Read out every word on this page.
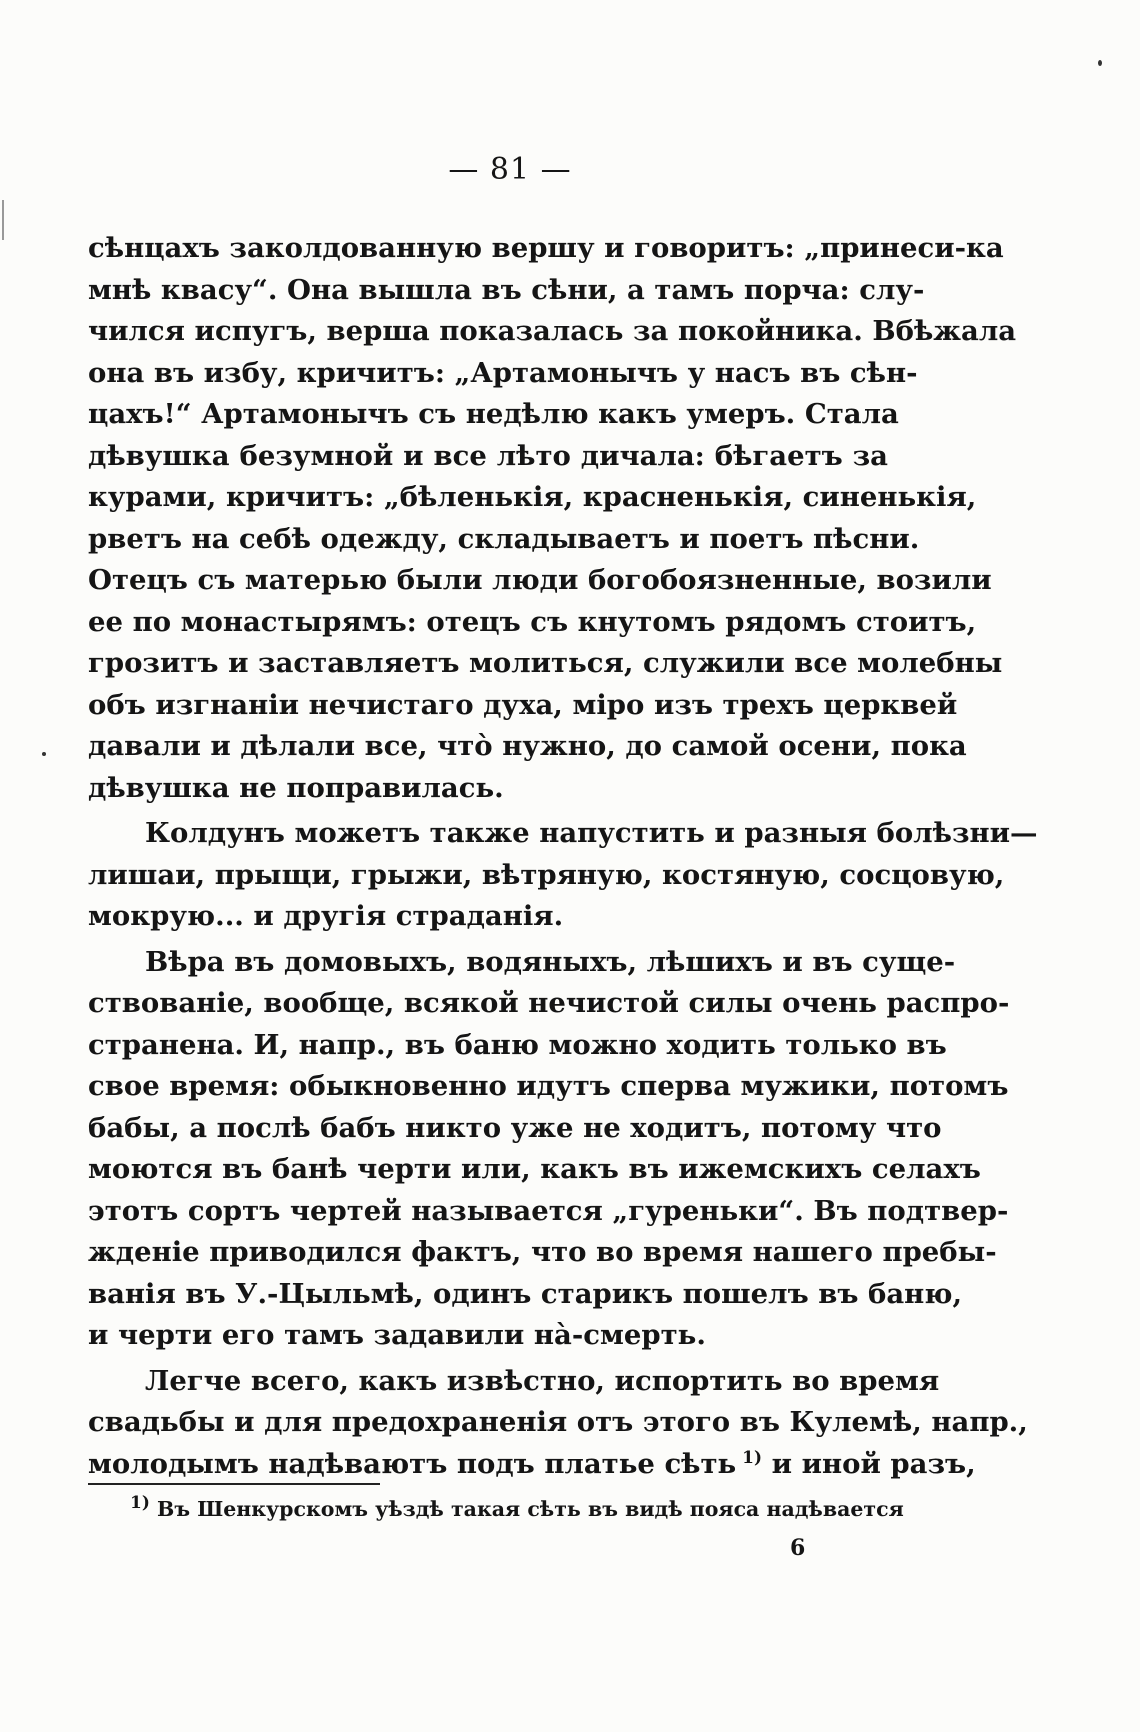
— 81 —
сѣнцахъ заколдованную вершу и говоритъ: „принеси-ка
мнѣ квасу“. Она вышла въ сѣни, а тамъ порча: слу-
чился испугъ, верша показалась за покойника. Вбѣжала
она въ избу, кричитъ: „Артамонычъ у насъ въ сѣн-
цахъ!“ Артамонычъ съ недѣлю какъ умеръ. Стала
дѣвушка безумной и все лѣто дичала: бѣгаетъ за
курами, кричитъ: „бѣленькія, красненькія, синенькія,
рветъ на себѣ одежду, складываетъ и поетъ пѣсни.
Отецъ съ матерью были люди богобоязненные, возили
ее по монастырямъ: отецъ съ кнутомъ рядомъ стоитъ,
грозитъ и заставляетъ молиться, служили все молебны
объ изгнаніи нечистаго духа, міро изъ трехъ церквей
давали и дѣлали все, что̀ нужно, до самой осени, пока
дѣвушка не поправилась.
Колдунъ можетъ также напустить и разныя болѣзни—
лишаи, прыщи, грыжи, вѣтряную, костяную, сосцовую,
мокрую... и другія страданія.
Вѣра въ домовыхъ, водяныхъ, лѣшихъ и въ суще-
ствованіе, вообще, всякой нечистой силы очень распро-
странена. И, напр., въ баню можно ходить только въ
свое время: обыкновенно идутъ сперва мужики, потомъ
бабы, а послѣ бабъ никто уже не ходитъ, потому что
моются въ банѣ черти или, какъ въ ижемскихъ селахъ
этотъ сортъ чертей называется „гуреньки“. Въ подтвер-
жденіе приводился фактъ, что во время нашего пребы-
ванія въ У.-Цыльмѣ, одинъ старикъ пошелъ въ баню,
и черти его тамъ задавили на̀-смерть.
Легче всего, какъ извѣстно, испортить во время
свадьбы и для предохраненія отъ этого въ Кулемѣ, напр.,
молодымъ надѣваютъ подъ платье сѣть $^{1)}$ и иной разъ,
$^{1)}$ Въ Шенкурскомъ уѣздѣ такая сѣть въ видѣ пояса надѣвается
6
